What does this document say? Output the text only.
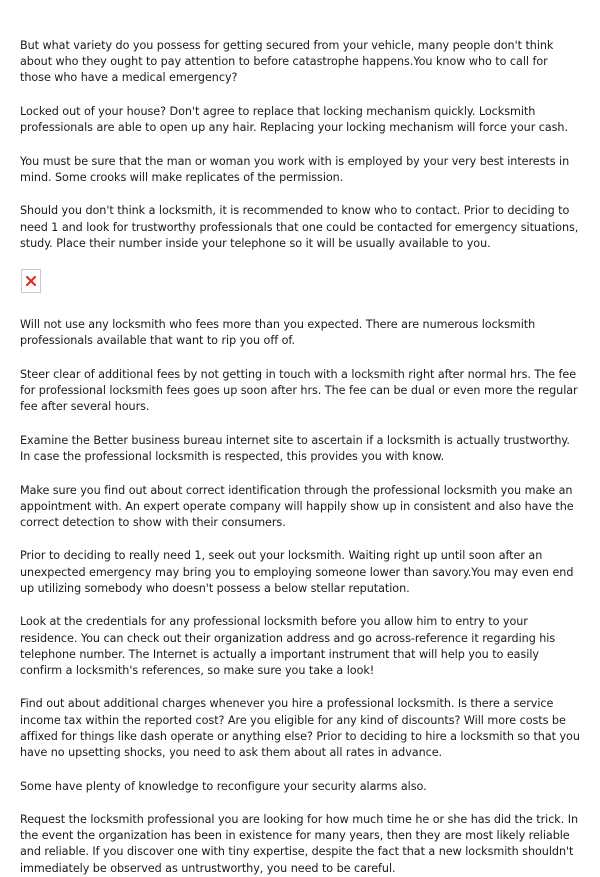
But what variety do you possess for getting secured from your vehicle, many people don't think about who they ought to pay attention to before catastrophe happens.You know who to call for those who have a medical emergency?

Locked out of your house? Don't agree to replace that locking mechanism quickly. Locksmith professionals are able to open up any hair. Replacing your locking mechanism will force your cash.

You must be sure that the man or woman you work with is employed by your very best interests in mind. Some crooks will make replicates of the permission.

Should you don't think a locksmith, it is recommended to know who to contact. Prior to deciding to need 1 and look for trustworthy professionals that one could be contacted for emergency situations, study. Place their number inside your telephone so it will be usually available to you.

Will not use any locksmith who fees more than you expected. There are numerous locksmith professionals available that want to rip you off of.

Steer clear of additional fees by not getting in touch with a locksmith right after normal hrs. The fee for professional locksmith fees goes up soon after hrs. The fee can be dual or even more the regular fee after several hours.

Examine the Better business bureau internet site to ascertain if a locksmith is actually trustworthy. In case the professional locksmith is respected, this provides you with know.

Make sure you find out about correct identification through the professional locksmith you make an appointment with. An expert operate company will happily show up in consistent and also have the correct detection to show with their consumers.

Prior to deciding to really need 1, seek out your locksmith. Waiting right up until soon after an unexpected emergency may bring you to employing someone lower than savory.You may even end up utilizing somebody who doesn't possess a below stellar reputation.

Look at the credentials for any professional locksmith before you allow him to entry to your residence. You can check out their organization address and go across-reference it regarding his telephone number. The Internet is actually a important instrument that will help you to easily confirm a locksmith's references, so make sure you take a look!

Find out about additional charges whenever you hire a professional locksmith. Is there a service income tax within the reported cost? Are you eligible for any kind of discounts? Will more costs be affixed for things like dash operate or anything else? Prior to deciding to hire a locksmith so that you have no upsetting shocks, you need to ask them about all rates in advance.

Some have plenty of knowledge to reconfigure your security alarms also.

Request the locksmith professional you are looking for how much time he or she has did the trick. In the event the organization has been in existence for many years, then they are most likely reliable and reliable. If you discover one with tiny expertise, despite the fact that a new locksmith shouldn't immediately be observed as untrustworthy, you need to be careful.
